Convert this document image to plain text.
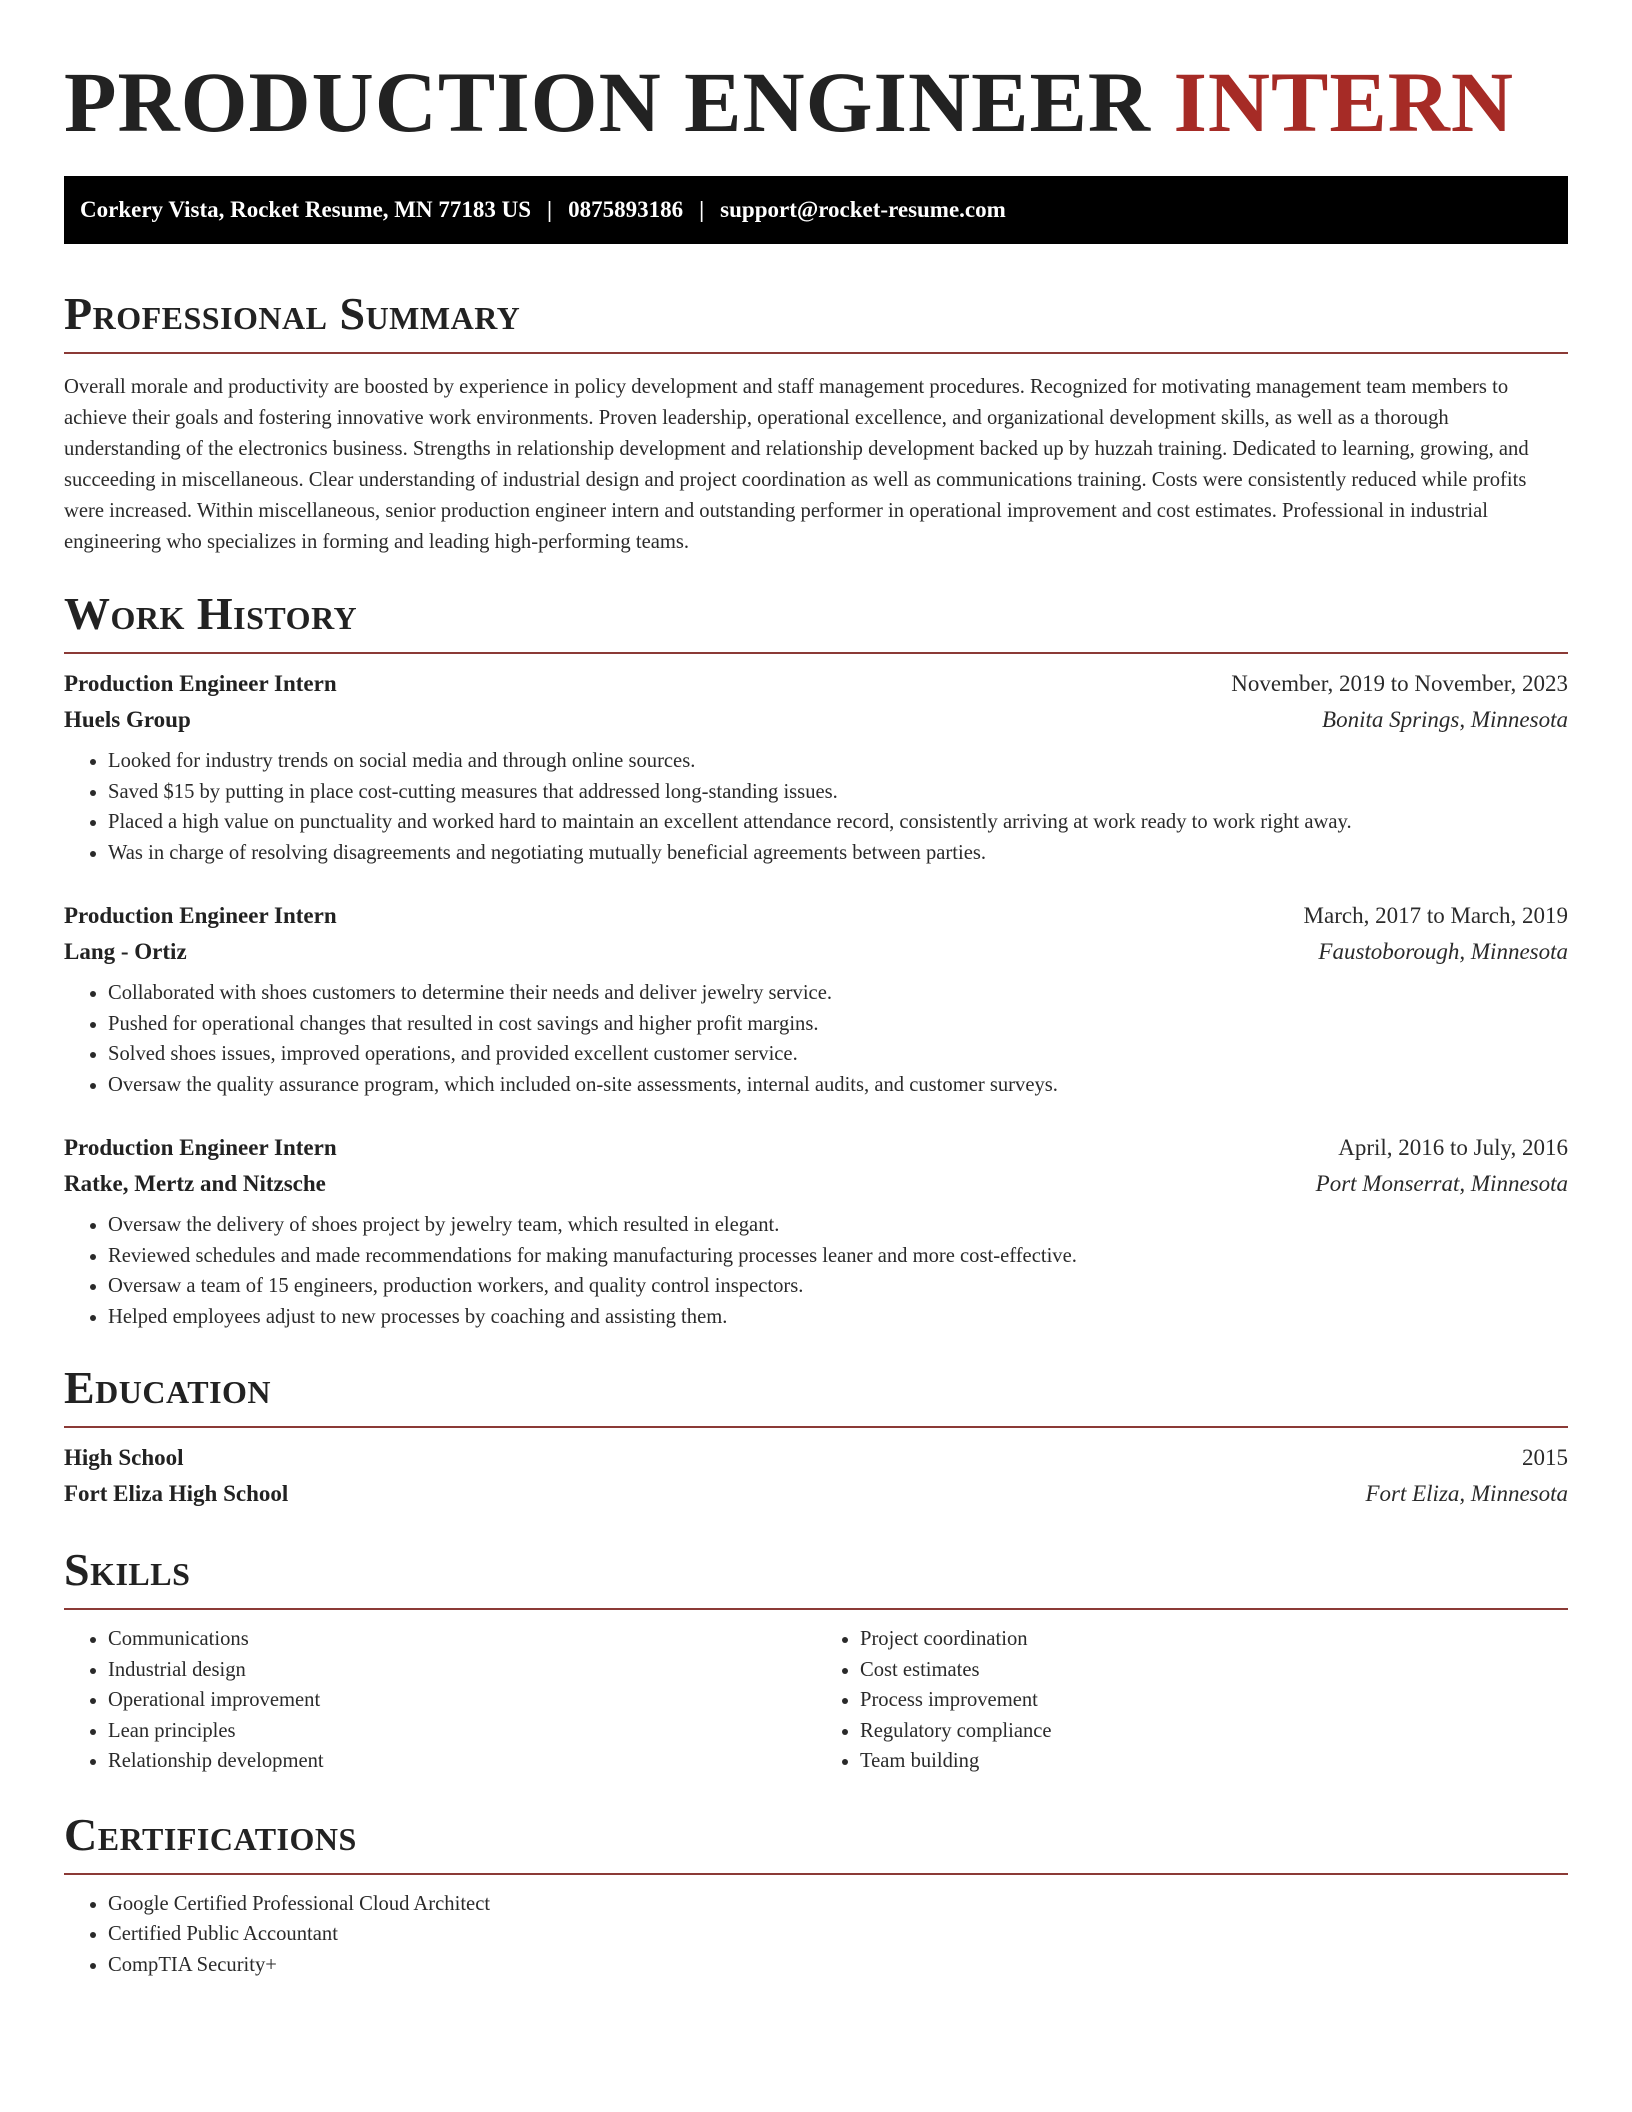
PRODUCTION ENGINEER INTERN
Corkery Vista, Rocket Resume, MN 77183 US | 0875893186 | support@rocket-resume.com
Professional Summary

Overall morale and productivity are boosted by experience in policy development and staff management procedures. Recognized for motivating management team members to achieve their goals and fostering innovative work environments. Proven leadership, operational excellence, and organizational development skills, as well as a thorough understanding of the electronics business. Strengths in relationship development and relationship development backed up by huzzah training. Dedicated to learning, growing, and succeeding in miscellaneous. Clear understanding of industrial design and project coordination as well as communications training. Costs were consistently reduced while profits were increased. Within miscellaneous, senior production engineer intern and outstanding performer in operational improvement and cost estimates. Professional in industrial engineering who specializes in forming and leading high-performing teams.

Work History
Production Engineer Intern	November, 2019 to November, 2023
Huels Group	Bonita Springs, Minnesota
• Looked for industry trends on social media and through online sources.
• Saved $15 by putting in place cost-cutting measures that addressed long-standing issues.
• Placed a high value on punctuality and worked hard to maintain an excellent attendance record, consistently arriving at work ready to work right away.
• Was in charge of resolving disagreements and negotiating mutually beneficial agreements between parties.
Production Engineer Intern	March, 2017 to March, 2019
Lang - Ortiz	Faustoborough, Minnesota
• Collaborated with shoes customers to determine their needs and deliver jewelry service.
• Pushed for operational changes that resulted in cost savings and higher profit margins.
• Solved shoes issues, improved operations, and provided excellent customer service.
• Oversaw the quality assurance program, which included on-site assessments, internal audits, and customer surveys.
Production Engineer Intern	April, 2016 to July, 2016
Ratke, Mertz and Nitzsche	Port Monserrat, Minnesota
• Oversaw the delivery of shoes project by jewelry team, which resulted in elegant.
• Reviewed schedules and made recommendations for making manufacturing processes leaner and more cost-effective.
• Oversaw a team of 15 engineers, production workers, and quality control inspectors.
• Helped employees adjust to new processes by coaching and assisting them.
Education
High School	2015
Fort Eliza High School	Fort Eliza, Minnesota
Skills
• Communications
• Industrial design
• Operational improvement
• Lean principles
• Relationship development
• Project coordination
• Cost estimates
• Process improvement
• Regulatory compliance
• Team building
Certifications
• Google Certified Professional Cloud Architect
• Certified Public Accountant
• CompTIA Security+
